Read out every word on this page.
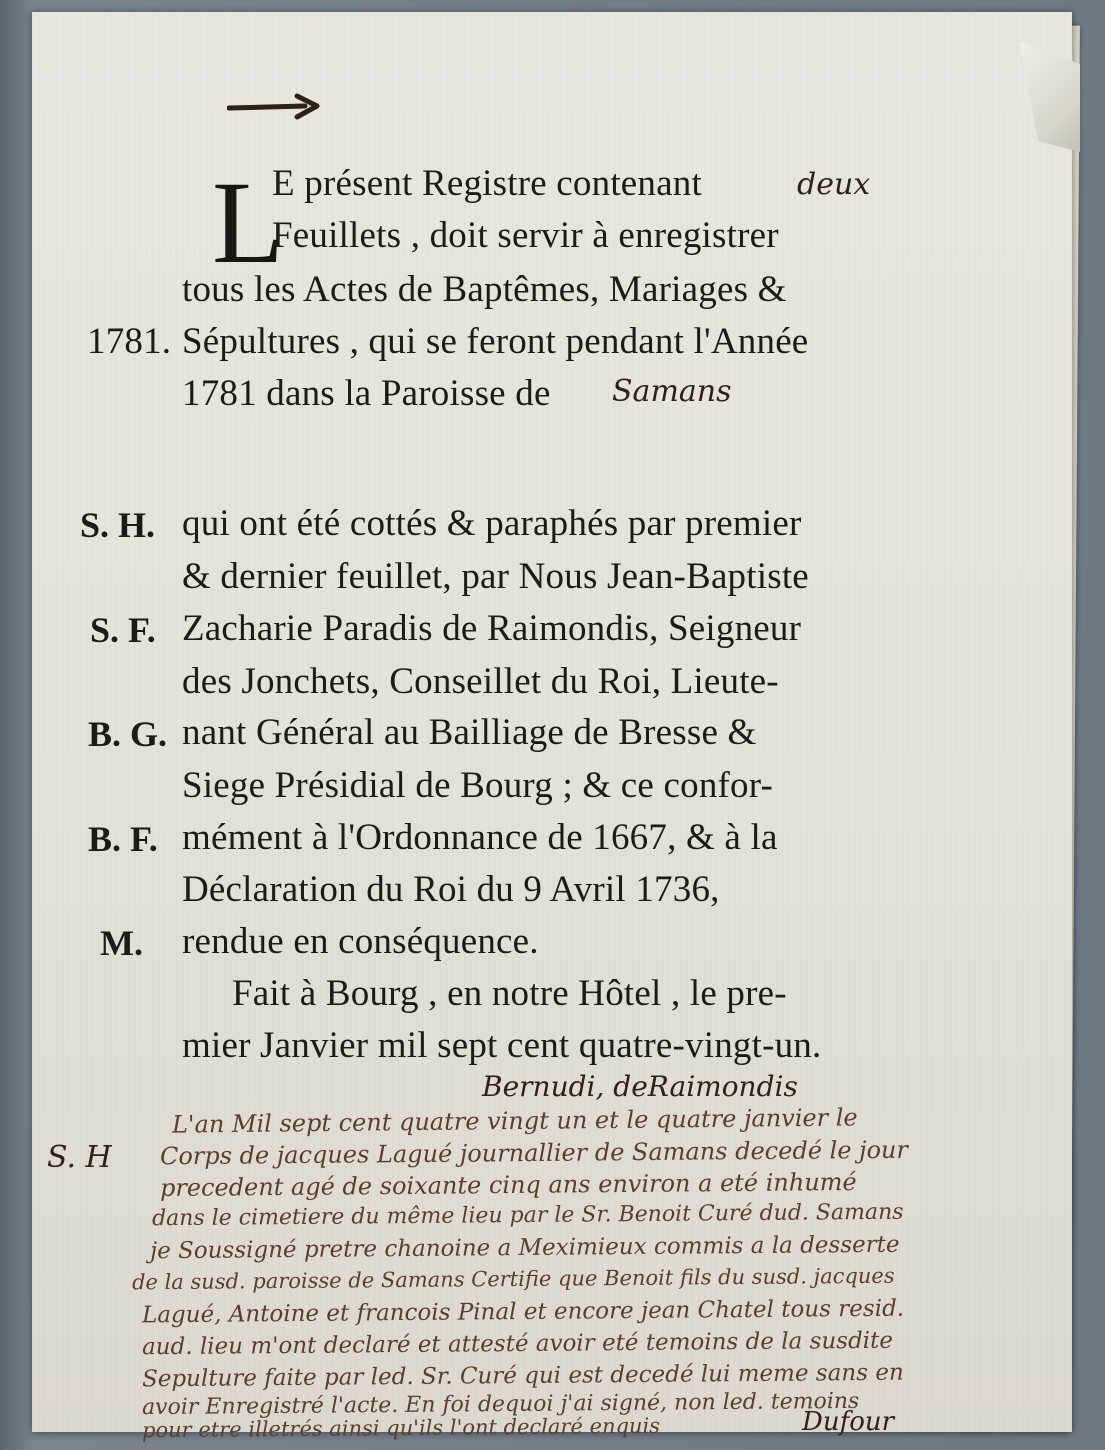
L
E présent Registre contenant	deux
Feuillets , doit servir à enregistrer
tous les Actes de Baptêmes, Mariages &
1781. Sépultures , qui se feront pendant l'Année
1781 dans la Paroisse de Samans
S. H. qui ont été cottés & paraphés par premier
& dernier feuillet, par Nous Jean-Baptiste
S. F. Zacharie Paradis de Raimondis, Seigneur
des Jonchets, Conseillet du Roi, Lieute-
B. G. nant Général au Bailliage de Bresse &
Siege Présidial de Bourg ; & ce confor-
B. F. mément à l'Ordonnance de 1667, & à la
Déclaration du Roi du 9 Avril 1736,
M. rendue en conséquence.
Fait à Bourg , en notre Hôtel , le pre-
mier Janvier mil sept cent quatre-vingt-un.
Bernudi, deRaimondis
S. H
L'an Mil sept cent quatre vingt un et le quatre janvier le
Corps de jacques Lagué journallier de Samans decedé le jour
precedent agé de soixante cinq ans environ a eté inhumé
dans le cimetiere du même lieu par le Sr. Benoit Curé dud. Samans
je Soussigné pretre chanoine a Meximieux commis a la desserte
de la susd. paroisse de Samans Certifie que Benoit fils du susd. jacques
Lagué, Antoine et francois Pinal et encore jean Chatel tous resid.
aud. lieu m'ont declaré et attesté avoir eté temoins de la susdite
Sepulture faite par led. Sr. Curé qui est decedé lui meme sans en
avoir Enregistré l'acte. En foi dequoi j'ai signé, non led. temoins
pour etre illetrés ainsi qu'ils l'ont declaré enquis	Dufour
